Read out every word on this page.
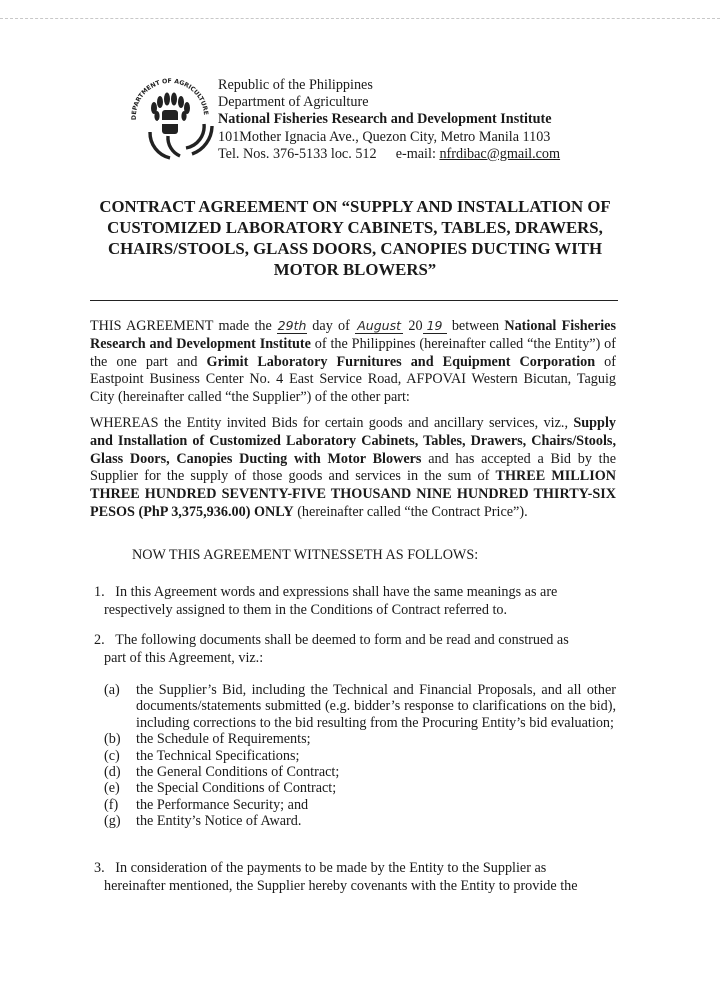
DEPARTMENT OF AGRICULTURE
Republic of the Philippines
Department of Agriculture
National Fisheries Research and Development Institute
101Mother Ignacia Ave., Quezon City, Metro Manila 1103
Tel. Nos. 376-5133 loc. 512 e-mail: nfrdibac@gmail.com
CONTRACT AGREEMENT ON “SUPPLY AND INSTALLATION OF CUSTOMIZED LABORATORY CABINETS, TABLES, DRAWERS, CHAIRS/STOOLS, GLASS DOORS, CANOPIES DUCTING WITH MOTOR BLOWERS”
THIS AGREEMENT made the 29th day of August 20 19 between National Fisheries Research and Development Institute of the Philippines (hereinafter called “the Entity”) of the one part and Grimit Laboratory Furnitures and Equipment Corporation of Eastpoint Business Center No. 4 East Service Road, AFPOVAI Western Bicutan, Taguig City (hereinafter called “the Supplier”) of the other part:
WHEREAS the Entity invited Bids for certain goods and ancillary services, viz., Supply and Installation of Customized Laboratory Cabinets, Tables, Drawers, Chairs/Stools, Glass Doors, Canopies Ducting with Motor Blowers and has accepted a Bid by the Supplier for the supply of those goods and services in the sum of THREE MILLION THREE HUNDRED SEVENTY-FIVE THOUSAND NINE HUNDRED THIRTY-SIX PESOS (PhP 3,375,936.00) ONLY (hereinafter called “the Contract Price”).
NOW THIS AGREEMENT WITNESSETH AS FOLLOWS:
1. In this Agreement words and expressions shall have the same meanings as are
respectively assigned to them in the Conditions of Contract referred to.
2. The following documents shall be deemed to form and be read and construed as
part of this Agreement, viz.:
(a)	the Supplier’s Bid, including the Technical and Financial Proposals, and all other documents/statements submitted (e.g. bidder’s response to clarifications on the bid), including corrections to the bid resulting from the Procuring Entity’s bid evaluation;
(b)	the Schedule of Requirements;
(c)	the Technical Specifications;
(d)	the General Conditions of Contract;
(e)	the Special Conditions of Contract;
(f)	the Performance Security; and
(g)	the Entity’s Notice of Award.
3. In consideration of the payments to be made by the Entity to the Supplier as
hereinafter mentioned, the Supplier hereby covenants with the Entity to provide the
